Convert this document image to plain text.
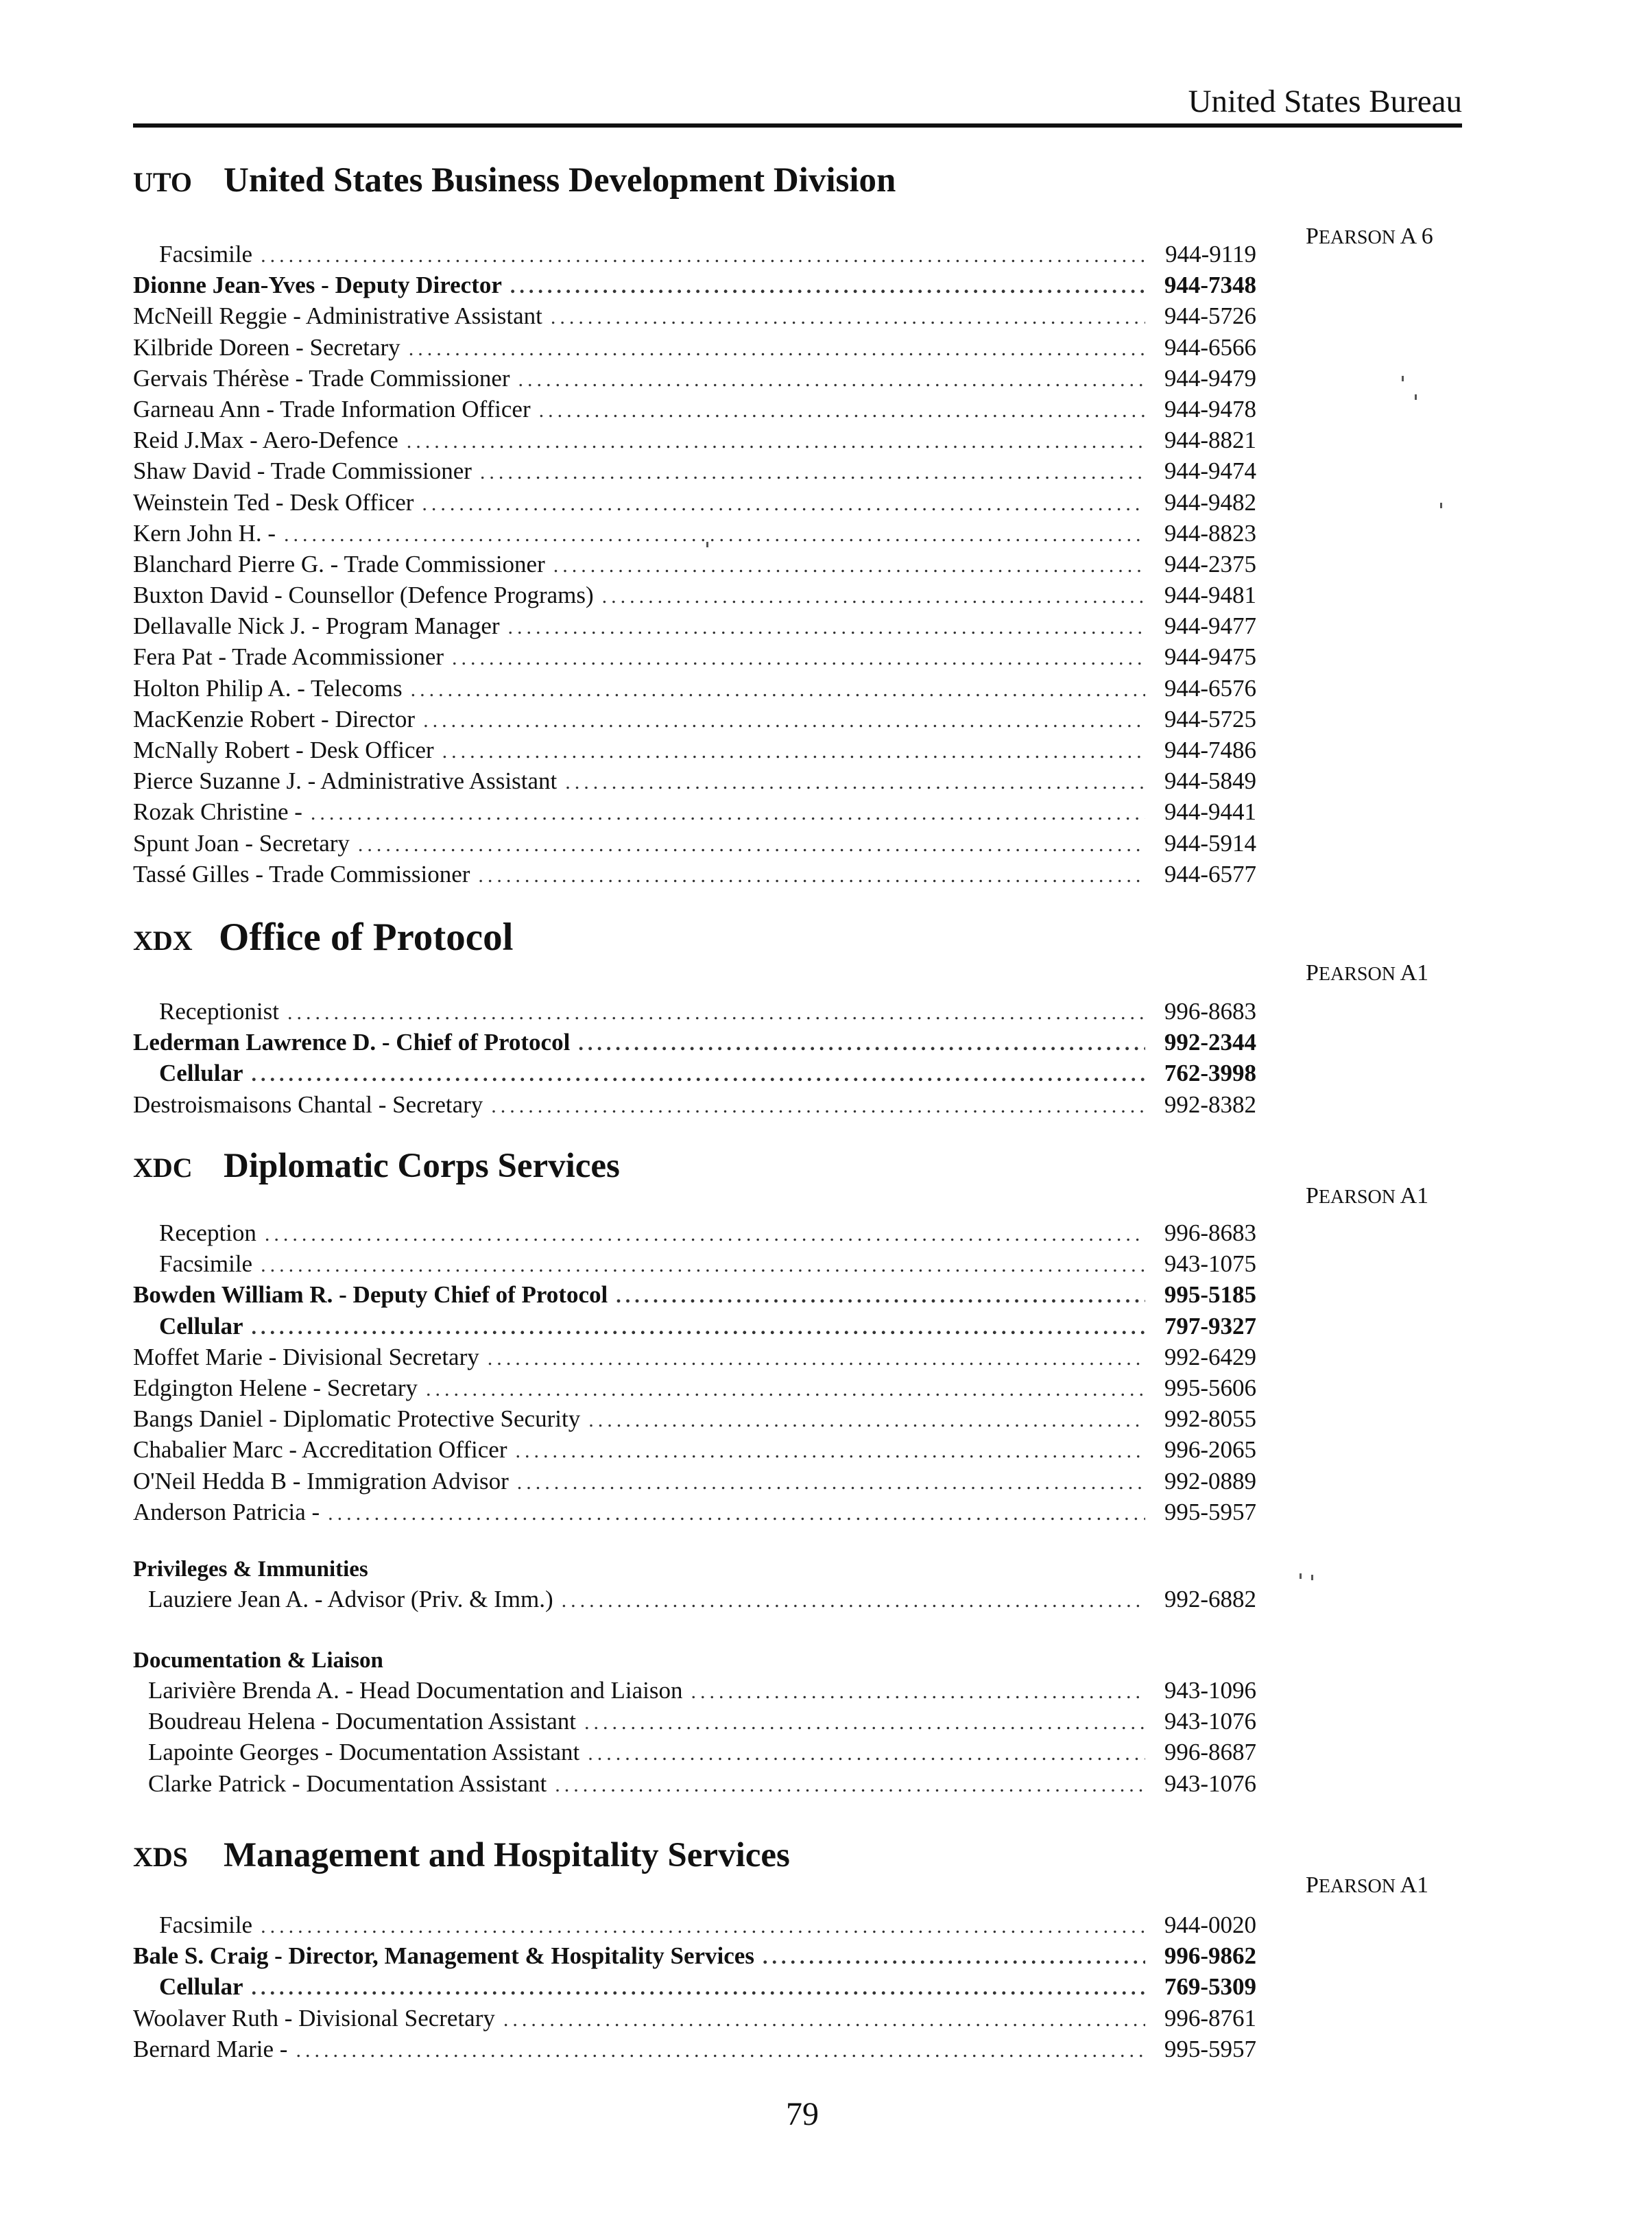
United States Bureau
UTO United States Business Development Division
PEARSON A 6
Facsimile .....	944-9119
Dionne Jean-Yves - Deputy Director .....	944-7348
McNeill Reggie - Administrative Assistant .....	944-5726
Kilbride Doreen - Secretary .....	944-6566
Gervais Thérèse - Trade Commissioner .....	944-9479
Garneau Ann - Trade Information Officer .....	944-9478
Reid J.Max - Aero-Defence .....	944-8821
Shaw David - Trade Commissioner .....	944-9474
Weinstein Ted - Desk Officer .....	944-9482
Kern John H. - .....	944-8823
Blanchard Pierre G. - Trade Commissioner .....	944-2375
Buxton David - Counsellor (Defence Programs) .....	944-9481
Dellavalle Nick J. - Program Manager .....	944-9477
Fera Pat - Trade Acommissioner .....	944-9475
Holton Philip A. - Telecoms .....	944-6576
MacKenzie Robert - Director .....	944-5725
McNally Robert - Desk Officer .....	944-7486
Pierce Suzanne J. - Administrative Assistant .....	944-5849
Rozak Christine - .....	944-9441
Spunt Joan - Secretary .....	944-5914
Tassé Gilles - Trade Commissioner .....	944-6577
XDX Office of Protocol
PEARSON A1
Receptionist .....	996-8683
Lederman Lawrence D. - Chief of Protocol .....	992-2344
Cellular .....	762-3998
Destroismaisons Chantal - Secretary .....	992-8382
XDC Diplomatic Corps Services
PEARSON A1
Reception .....	996-8683
Facsimile .....	943-1075
Bowden William R. - Deputy Chief of Protocol .....	995-5185
Cellular .....	797-9327
Moffet Marie - Divisional Secretary .....	992-6429
Edgington Helene - Secretary .....	995-5606
Bangs Daniel - Diplomatic Protective Security .....	992-8055
Chabalier Marc - Accreditation Officer .....	996-2065
O'Neil Hedda B - Immigration Advisor .....	992-0889
Anderson Patricia - .....	995-5957
Privileges & Immunities
Lauziere Jean A. - Advisor (Priv. & Imm.) .....	992-6882
Documentation & Liaison
Larivière Brenda A. - Head Documentation and Liaison .....	943-1096
Boudreau Helena - Documentation Assistant .....	943-1076
Lapointe Georges - Documentation Assistant .....	996-8687
Clarke Patrick - Documentation Assistant .....	943-1076
XDS Management and Hospitality Services
PEARSON A1
Facsimile .....	944-0020
Bale S. Craig - Director, Management & Hospitality Services .....	996-9862
Cellular .....	769-5309
Woolaver Ruth - Divisional Secretary .....	996-8761
Bernard Marie - .....	995-5957
79
